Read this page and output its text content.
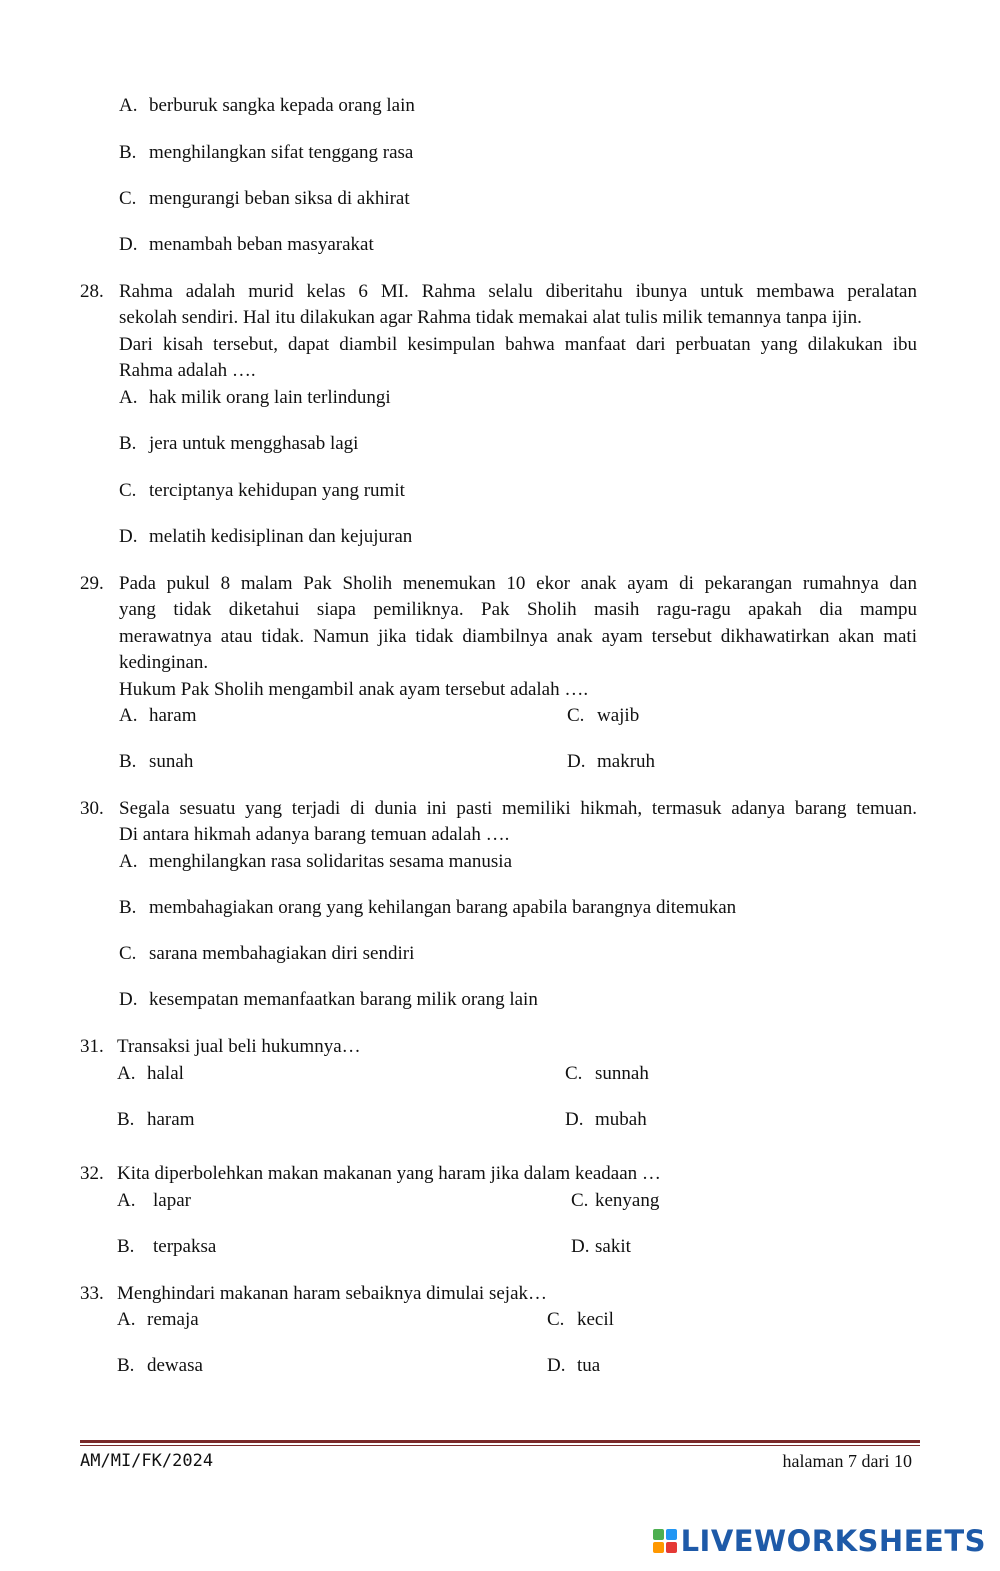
A. berburuk sangka kepada orang lain
B. menghilangkan sifat tenggang rasa
C. mengurangi beban siksa di akhirat
D. menambah beban masyarakat
28. Rahma adalah murid kelas 6 MI. Rahma selalu diberitahu ibunya untuk membawa peralatan
sekolah sendiri. Hal itu dilakukan agar Rahma tidak memakai alat tulis milik temannya tanpa ijin.
Dari kisah tersebut, dapat diambil kesimpulan bahwa manfaat dari perbuatan yang dilakukan ibu
Rahma adalah ….
A. hak milik orang lain terlindungi
B. jera untuk mengghasab lagi
C. terciptanya kehidupan yang rumit
D. melatih kedisiplinan dan kejujuran
29. Pada pukul 8 malam Pak Sholih menemukan 10 ekor anak ayam di pekarangan rumahnya dan
yang tidak diketahui siapa pemiliknya. Pak Sholih masih ragu-ragu apakah dia mampu
merawatnya atau tidak. Namun jika tidak diambilnya anak ayam tersebut dikhawatirkan akan mati
kedinginan.
Hukum Pak Sholih mengambil anak ayam tersebut adalah ….
A. haram	C. wajib
B. sunah	D. makruh
30. Segala sesuatu yang terjadi di dunia ini pasti memiliki hikmah, termasuk adanya barang temuan.
Di antara hikmah adanya barang temuan adalah ….
A. menghilangkan rasa solidaritas sesama manusia
B. membahagiakan orang yang kehilangan barang apabila barangnya ditemukan
C. sarana membahagiakan diri sendiri
D. kesempatan memanfaatkan barang milik orang lain
31. Transaksi jual beli hukumnya…
A. halal	C. sunnah
B. haram	D. mubah
32. Kita diperbolehkan makan makanan yang haram jika dalam keadaan …
A. lapar	C. kenyang
B. terpaksa	D. sakit
33. Menghindari makanan haram sebaiknya dimulai sejak…
A. remaja	C. kecil
B. dewasa	D. tua
AM/MI/FK/2024	halaman 7 dari 10
LIVEWORKSHEETS
